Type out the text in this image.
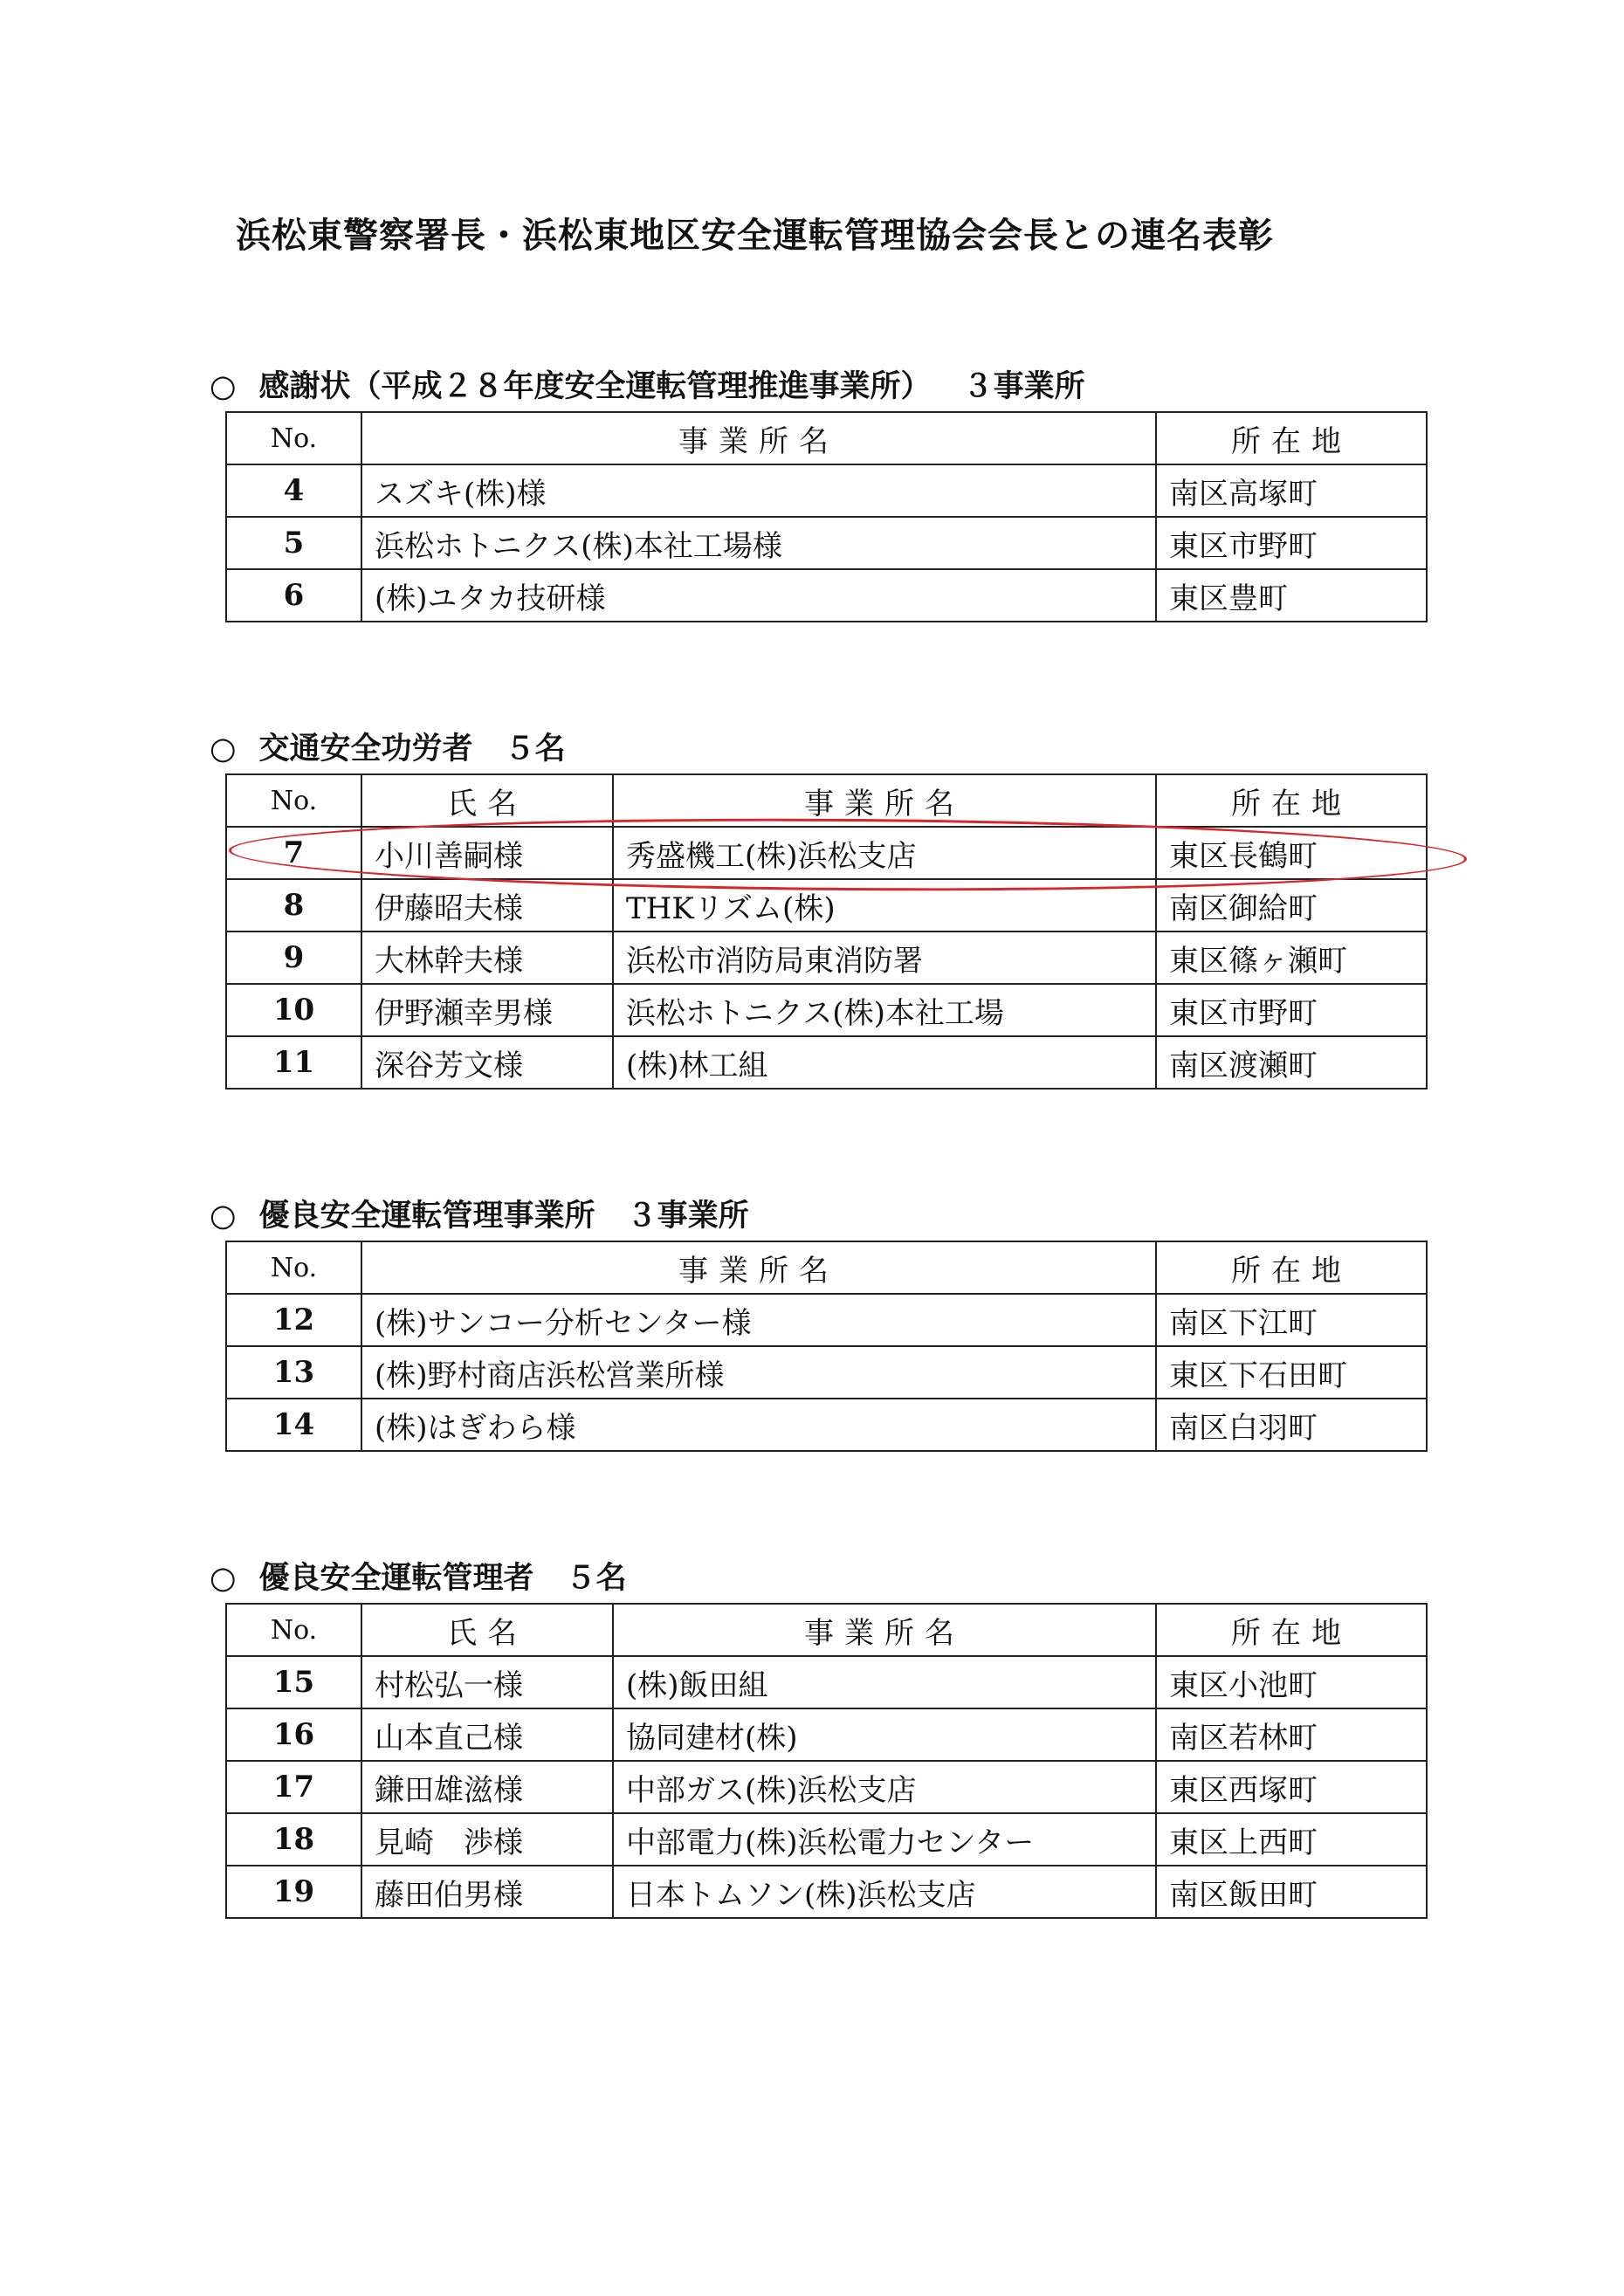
浜松東警察署長・浜松東地区安全運転管理協会会長との連名表彰
○ 感謝状（平成２８年度安全運転管理推進事業所） ３事業所
No.	事業所名	所在地
4	スズキ(株)様	南区高塚町
5	浜松ホトニクス(株)本社工場様	東区市野町
6	(株)ユタカ技研様	東区豊町
○ 交通安全功労者 ５名
No.	氏名	事業所名	所在地
7	小川善嗣様	秀盛機工(株)浜松支店	東区長鶴町
8	伊藤昭夫様	THKリズム(株)	南区御給町
9	大林幹夫様	浜松市消防局東消防署	東区篠ヶ瀬町
10	伊野瀬幸男様	浜松ホトニクス(株)本社工場	東区市野町
11	深谷芳文様	(株)林工組	南区渡瀬町
○ 優良安全運転管理事業所 ３事業所
No.	事業所名	所在地
12	(株)サンコー分析センター様	南区下江町
13	(株)野村商店浜松営業所様	東区下石田町
14	(株)はぎわら様	南区白羽町
○ 優良安全運転管理者 ５名
No.	氏名	事業所名	所在地
15	村松弘一様	(株)飯田組	東区小池町
16	山本直己様	協同建材(株)	南区若林町
17	鎌田雄滋様	中部ガス(株)浜松支店	東区西塚町
18	見崎　渉様	中部電力(株)浜松電力センター	東区上西町
19	藤田伯男様	日本トムソン(株)浜松支店	南区飯田町
